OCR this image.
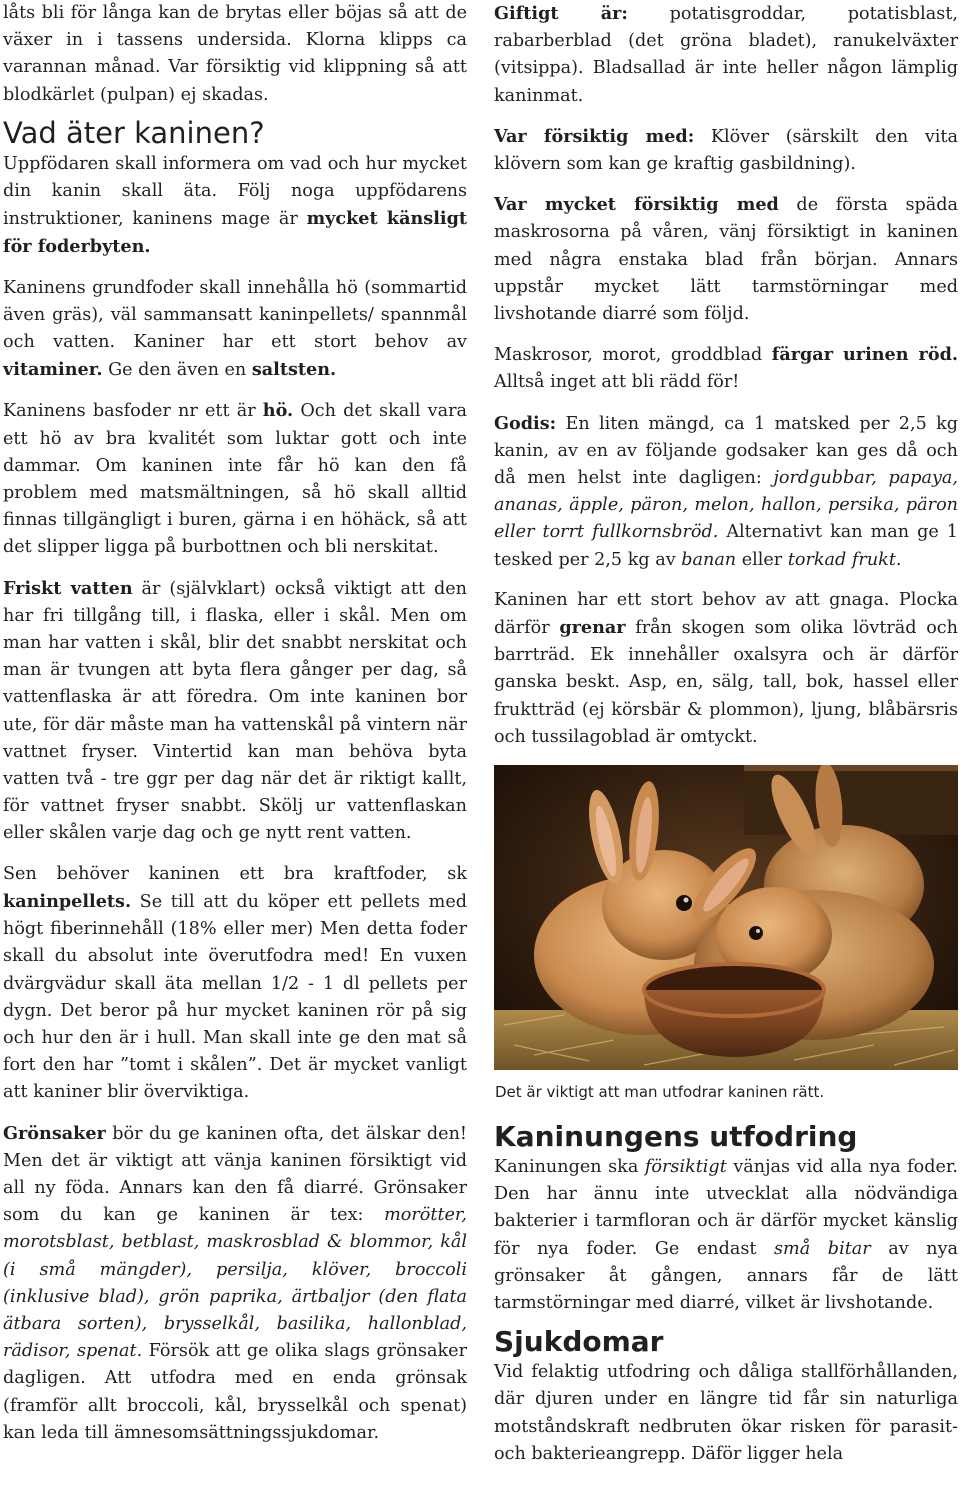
låts bli för långa kan de brytas eller böjas så att de växer in i tassens undersida. Klorna klipps ca varannan månad. Var försiktig vid klippning så att blodkärlet (pulpan) ej skadas.

Vad äter kaninen?

Uppfödaren skall informera om vad och hur mycket din kanin skall äta. Följ noga uppfödarens instruktioner, kaninens mage är mycket känsligt för foderbyten.

Kaninens grundfoder skall innehålla hö (sommartid även gräs), väl sammansatt kaninpellets/ spannmål och vatten. Kaniner har ett stort behov av vitaminer. Ge den även en saltsten.

Kaninens basfoder nr ett är hö. Och det skall vara ett hö av bra kvalitét som luktar gott och inte dammar. Om kaninen inte får hö kan den få problem med matsmältningen, så hö skall alltid finnas tillgängligt i buren, gärna i en höhäck, så att det slipper ligga på burbottnen och bli nerskitat.

Friskt vatten är (självklart) också viktigt att den har fri tillgång till, i flaska, eller i skål. Men om man har vatten i skål, blir det snabbt nerskitat och man är tvungen att byta flera gånger per dag, så vattenflaska är att föredra. Om inte kaninen bor ute, för där måste man ha vattenskål på vintern när vattnet fryser. Vintertid kan man behöva byta vatten två - tre ggr per dag när det är riktigt kallt, för vattnet fryser snabbt. Skölj ur vattenflaskan eller skålen varje dag och ge nytt rent vatten.

Sen behöver kaninen ett bra kraftfoder, sk kaninpellets. Se till att du köper ett pellets med högt fiberinnehåll (18% eller mer) Men detta foder skall du absolut inte överutfodra med! En vuxen dvärgvädur skall äta mellan 1/2 - 1 dl pellets per dygn. Det beror på hur mycket kaninen rör på sig och hur den är i hull. Man skall inte ge den mat så fort den har ”tomt i skålen”. Det är mycket vanligt att kaniner blir överviktiga.

Grönsaker bör du ge kaninen ofta, det älskar den! Men det är viktigt att vänja kaninen försiktigt vid all ny föda. Annars kan den få diarré. Grönsaker som du kan ge kaninen är tex: morötter, morotsblast, betblast, maskrosblad & blommor, kål (i små mängder), persilja, klöver, broccoli (inklusive blad), grön paprika, ärtbaljor (den flata ätbara sorten), brysselkål, basilika, hallonblad, rädisor, spenat. Försök att ge olika slags grönsaker dagligen. Att utfodra med en enda grönsak (framför allt broccoli, kål, brysselkål och spenat) kan leda till ämnesomsättningssjukdomar.

Giftigt är: potatisgroddar, potatisblast, rabarberblad (det gröna bladet), ranukelväxter (vitsippa). Bladsallad är inte heller någon lämplig kaninmat.

Var försiktig med: Klöver (särskilt den vita klövern som kan ge kraftig gasbildning).

Var mycket försiktig med de första späda maskrosorna på våren, vänj försiktigt in kaninen med några enstaka blad från början. Annars uppstår mycket lätt tarmstörningar med livshotande diarré som följd.

Maskrosor, morot, groddblad färgar urinen röd. Alltså inget att bli rädd för!

Godis: En liten mängd, ca 1 matsked per 2,5 kg kanin, av en av följande godsaker kan ges då och då men helst inte dagligen: jordgubbar, papaya, ananas, äpple, päron, melon, hallon, persika, päron eller torrt fullkornsbröd. Alternativt kan man ge 1 tesked per 2,5 kg av banan eller torkad frukt.

Kaninen har ett stort behov av att gnaga. Plocka därför grenar från skogen som olika lövträd och barrträd. Ek innehåller oxalsyra och är därför ganska beskt. Asp, en, sälg, tall, bok, hassel eller fruktträd (ej körsbär & plommon), ljung, blåbärsris och tussilagoblad är omtyckt.

Det är viktigt att man utfodrar kaninen rätt.
Kaninungens utfodring

Kaninungen ska försiktigt vänjas vid alla nya foder. Den har ännu inte utvecklat alla nödvändiga bakterier i tarmfloran och är därför mycket känslig för nya foder. Ge endast små bitar av nya grönsaker åt gången, annars får de lätt tarmstörningar med diarré, vilket är livshotande.

Sjukdomar

Vid felaktig utfodring och dåliga stallförhållanden, där djuren under en längre tid får sin naturliga motståndskraft nedbruten ökar risken för parasit- och bakterieangrepp. Däför ligger hela
